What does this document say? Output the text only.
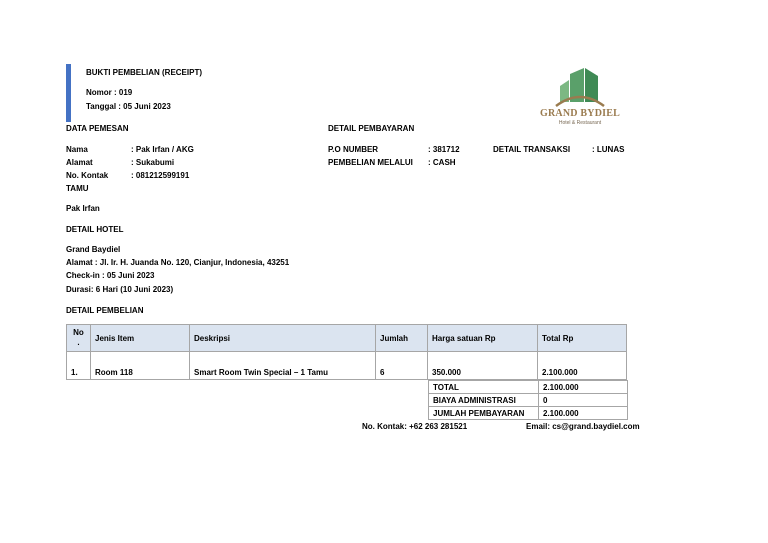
BUKTI PEMBELIAN (RECEIPT)
Nomor : 019
Tanggal : 05 Juni 2023
GRAND BYDIEL
Hotel & Restaurant
DATA PEMESAN
Nama	: Pak Irfan / AKG
Alamat	: Sukabumi
No. Kontak	: 081212599191
TAMU
Pak Irfan
DETAIL PEMBAYARAN
P.O NUMBER	: 381712
PEMBELIAN MELALUI : CASH
DETAIL TRANSAKSI	: LUNAS
DETAIL HOTEL
Grand Baydiel
Alamat : Jl. Ir. H. Juanda No. 120, Cianjur, Indonesia, 43251
Check-in : 05 Juni 2023
Durasi: 6 Hari (10 Juni 2023)
DETAIL PEMBELIAN
No .	Jenis Item	Deskripsi	Jumlah	Harga satuan Rp	Total Rp
1.	Room 118	Smart Room Twin Special – 1 Tamu	6	350.000	2.100.000
TOTAL	2.100.000
BIAYA ADMINISTRASI	0
JUMLAH PEMBAYARAN	2.100.000
No. Kontak: +62 263 281521	Email: cs@grand.baydiel.com
